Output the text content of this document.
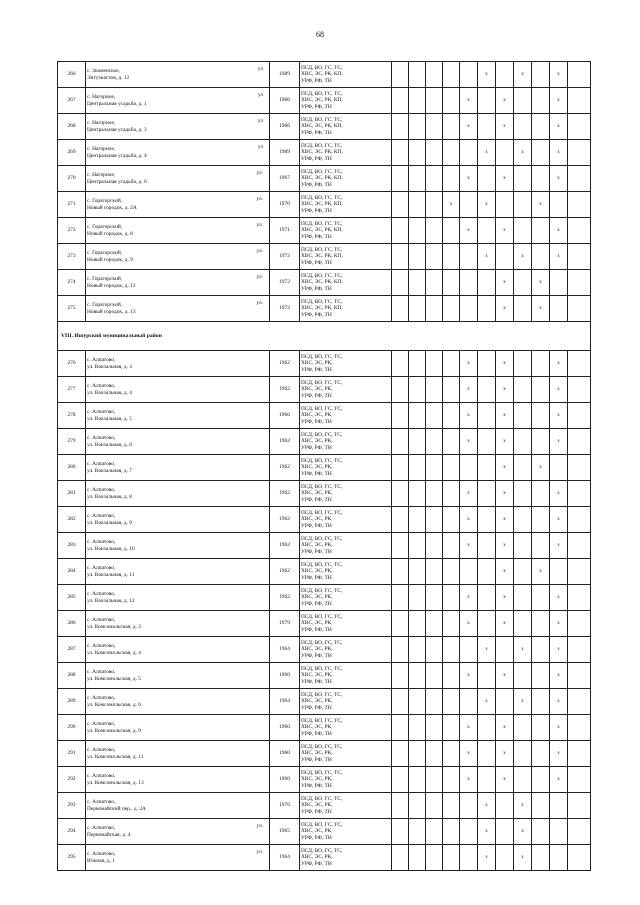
68
266	с. Знаменское, ул
Энтузиастов, д. 12	1989	ПСД, ВО, ГС, ТС,
ХВС, ЭС, РК, КП,
УРФ, РФ, ТН						х		х		х	
267	с. Нагорное, ул
Центральная усадьба, д. 1	1966	ПСД, ВО, ГС, ТС,
ХВС, ЭС, РК, КП,
УРФ, РФ, ТН					х		х			х	
268	с. Нагорное, ул
Центральная усадьба, д. 3	1966	ПСД, ВО, ГС, ТС,
ХВС, ЭС, РК, КП,
УРФ, РФ, ТН					х		х			х	
269	с. Нагорное, ул
Центральная усадьба, д. 4	1989	ПСД, ВО, ГС, ТС,
ХВС, ЭС, РК, КП,
УРФ, РФ, ТН						х		х		х	
270	с. Нагорное, ул.
Центральная усадьба, д. 6	1967	ПСД, ВО, ГС, ТС,
ХВС, ЭС, РК, КП,
УРФ, РФ, ТН					х		х			х	
271	с. Горагорский, ул.
Новый городок, д. 2А	1970	ПСД, ВО, ГС, ТС,
ХВС, ЭС, РК, КП,
УРФ, РФ, ТН				х		х			х		
272	с. Горагорский, ул.
Новый городок, д. 8	1971	ПСД, ВО, ГС, ТС,
ХВС, ЭС, РК, КП,
УРФ, РФ, ТН					х		х			х	
273	с. Горагорский, ул.
Новый городок, д. 9	1972	ПСД, ВО, ГС, ТС,
ХВС, ЭС, РК, КП,
УРФ, РФ, ТН						х		х		х	
274	с. Горагорский, ул.
Новый городок, д. 12	1972	ПСД, ВО, ГС, ТС,
ХВС, ЭС, РК, КП,
УРФ, РФ, ТН							х		х		
275	с. Горагорский, ул.
Новый городок, д. 13	1973	ПСД, ВО, ГС, ТС,
ХВС, ЭС, РК, КП,
УРФ, РФ, ТН							х		х		
VIII. Ишурский муниципальный район														
276	с. Алпатово,
ул. Вокзальная, д. 3	1962	ПСД, ВО, ГС, ТС,
ХВС, ЭС, РК,
УРФ, РФ, ТН					х		х			х	
277	с. Алпатово,
ул. Вокзальная, д. 4	1962	ПСД, ВО, ГС, ТС,
ХВС, ЭС, РК,
УРФ, РФ, ТН					х		х			х	
278	с. Алпатово,
ул. Вокзальная, д. 5	1966	ПСД, ВО, ГС, ТС,
ХВС, ЭС, РК,
УРФ, РФ, ТН					х		х			х	
279	с. Алпатово,
ул. Вокзальная, д. 6	1962	ПСД, ВО, ГС, ТС,
ХВС, ЭС, РК,
УРФ, РФ, ТН					х		х			х	
280	с. Алпатово,
ул. Вокзальная, д. 7	1962	ПСД, ВО, ГС, ТС,
ХВС, ЭС, РК,
УРФ, РФ, ТН							х		х		
281	с. Алпатово,
ул. Вокзальная, д. 8	1962	ПСД, ВО, ГС, ТС,
ХВС, ЭС, РК,
УРФ, РФ, ТН					х		х			х	
282	с. Алпатово,
ул. Вокзальная, д. 9	1962	ПСД, ВО, ГС, ТС,
ХВС, ЭС, РК,
УРФ, РФ, ТН					х		х			х	
283	с. Алпатово,
ул. Вокзальная, д. 10	1962	ПСД, ВО, ГС, ТС,
ХВС, ЭС, РК,
УРФ, РФ, ТН					х		х			х	
284	с. Алпатово,
ул. Вокзальная, д. 11	1962	ПСД, ВО, ГС, ТС,
ХВС, ЭС, РК,
УРФ, РФ, ТН							х		х		
285	с. Алпатово,
ул. Вокзальная, д. 12	1962	ПСД, ВО, ГС, ТС,
ХВС, ЭС, РК,
УРФ, РФ, ТН					х		х			х	
286	с. Алпатово,
ул. Комсомольская, д. 3	1979	ПСД, ВО, ГС, ТС,
ХВС, ЭС, РК,
УРФ, РФ, ТН					х		х			х	
287	с. Алпатово,
ул. Комсомольская, д. 4	1964	ПСД, ВО, ГС, ТС,
ХВС, ЭС, РК,
УРФ, РФ, ТН						х		х		х	
288	с. Алпатово,
ул. Комсомольская, д. 5	1960	ПСД, ВО, ГС, ТС,
ХВС, ЭС, РК,
УРФ, РФ, ТН					х		х			х	
289	с. Алпатово,
ул. Комсомольская, д. 6	1964	ПСД, ВО, ГС, ТС,
ХВС, ЭС, РК,
УРФ, РФ, ТН						х		х		х	
290	с. Алпатово,
ул. Комсомольская, д. 9	1960	ПСД, ВО, ГС, ТС,
ХВС, ЭС, РК,
УРФ, РФ, ТН					х		х			х	
291	с. Алпатово,
ул. Комсомольская, д. 11	1960	ПСД, ВО, ГС, ТС,
ХВС, ЭС, РК,
УРФ, РФ, ТН					х		х			х	
292	с. Алпатово,
ул. Комсомольская, д. 13	1960	ПСД, ВО, ГС, ТС,
ХВС, ЭС, РК,
УРФ, РФ, ТН					х		х			х	
293	с. Алпатово,
Первомайский пер., д. 2А	1976	ПСД, ВО, ГС, ТС,
ХВС, ЭС, РК,
УРФ, РФ, ТН						х		х			
294	с. Алпатово, ул.
Первомайская, д. 4	1965	ПСД, ВО, ГС, ТС,
ХВС, ЭС, РК,
УРФ, РФ, ТН						х		х			
295	с. Алпатово, ул.
Южная, д. 1	1964	ПСД, ВО, ГС, ТС,
ХВС, ЭС, РК,
УРФ, РФ, ТН						х		х			
